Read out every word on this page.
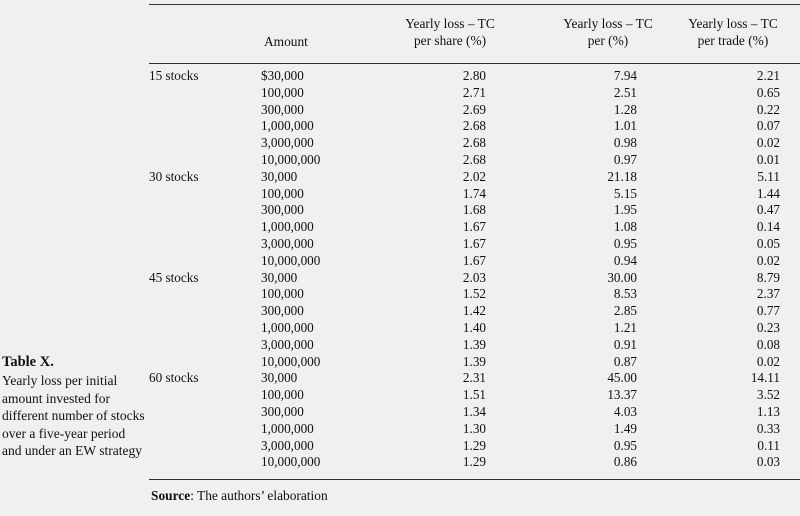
Table X.
Yearly loss per initial amount invested for different number of stocks over a five-year period and under an EW strategy
Amount
Yearly loss – TC
per share (%)
Yearly loss – TC
per (%)
Yearly loss – TC
per trade (%)
15 stocks	$30,000	2.80	7.94	2.21
	100,000	2.71	2.51	0.65
	300,000	2.69	1.28	0.22
	1,000,000	2.68	1.01	0.07
	3,000,000	2.68	0.98	0.02
	10,000,000	2.68	0.97	0.01
30 stocks	30,000	2.02	21.18	5.11
	100,000	1.74	5.15	1.44
	300,000	1.68	1.95	0.47
	1,000,000	1.67	1.08	0.14
	3,000,000	1.67	0.95	0.05
	10,000,000	1.67	0.94	0.02
45 stocks	30,000	2.03	30.00	8.79
	100,000	1.52	8.53	2.37
	300,000	1.42	2.85	0.77
	1,000,000	1.40	1.21	0.23
	3,000,000	1.39	0.91	0.08
	10,000,000	1.39	0.87	0.02
60 stocks	30,000	2.31	45.00	14.11
	100,000	1.51	13.37	3.52
	300,000	1.34	4.03	1.13
	1,000,000	1.30	1.49	0.33
	3,000,000	1.29	0.95	0.11
	10,000,000	1.29	0.86	0.03
Source: The authors’ elaboration
